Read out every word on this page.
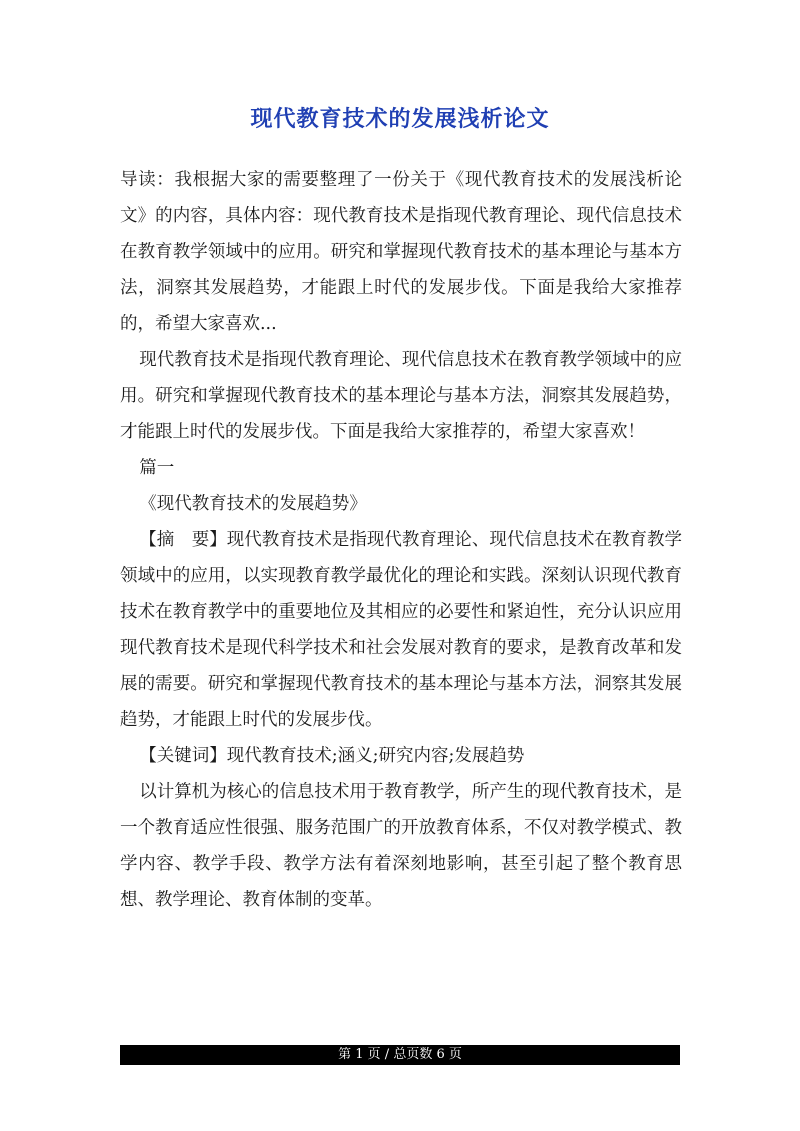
现代教育技术的发展浅析论文

导读：我根据大家的需要整理了一份关于《现代教育技术的发展浅析论文》的内容，具体内容：现代教育技术是指现代教育理论、现代信息技术在教育教学领域中的应用。研究和掌握现代教育技术的基本理论与基本方法，洞察其发展趋势，才能跟上时代的发展步伐。下面是我给大家推荐的，希望大家喜欢...

现代教育技术是指现代教育理论、现代信息技术在教育教学领域中的应用。研究和掌握现代教育技术的基本理论与基本方法，洞察其发展趋势，才能跟上时代的发展步伐。下面是我给大家推荐的，希望大家喜欢！

篇一

《现代教育技术的发展趋势》

【摘　要】现代教育技术是指现代教育理论、现代信息技术在教育教学领域中的应用，以实现教育教学最优化的理论和实践。深刻认识现代教育技术在教育教学中的重要地位及其相应的必要性和紧迫性，充分认识应用现代教育技术是现代科学技术和社会发展对教育的要求，是教育改革和发展的需要。研究和掌握现代教育技术的基本理论与基本方法，洞察其发展趋势，才能跟上时代的发展步伐。

【关键词】现代教育技术;涵义;研究内容;发展趋势

以计算机为核心的信息技术用于教育教学，所产生的现代教育技术，是一个教育适应性很强、服务范围广的开放教育体系，不仅对教学模式、教学内容、教学手段、教学方法有着深刻地影响，甚至引起了整个教育思想、教学理论、教育体制的变革。

第 1 页 / 总页数 6 页
